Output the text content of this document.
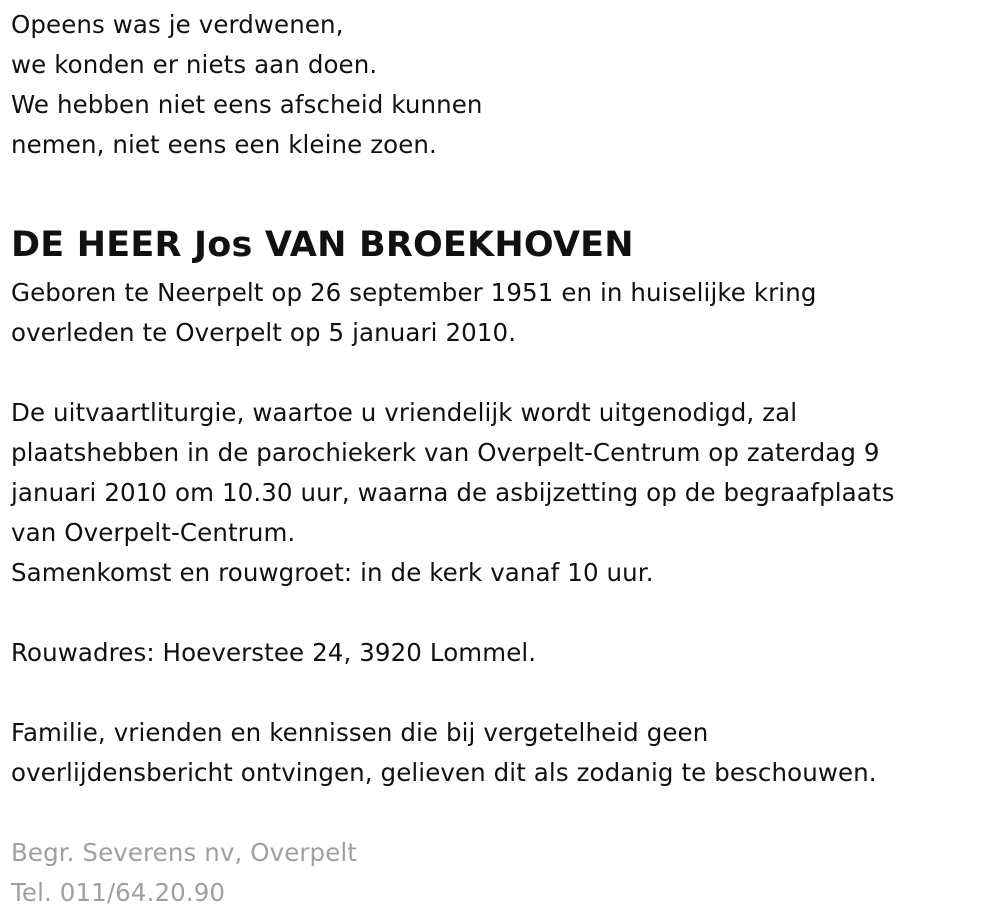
Opeens was je verdwenen,
we konden er niets aan doen.
We hebben niet eens afscheid kunnen
nemen, niet eens een kleine zoen.
DE HEER Jos VAN BROEKHOVEN
Geboren te Neerpelt op 26 september 1951 en in huiselijke kring
overleden te Overpelt op 5 januari 2010.
De uitvaartliturgie, waartoe u vriendelijk wordt uitgenodigd, zal
plaatshebben in de parochiekerk van Overpelt-Centrum op zaterdag 9
januari 2010 om 10.30 uur, waarna de asbijzetting op de begraafplaats
van Overpelt-Centrum.
Samenkomst en rouwgroet: in de kerk vanaf 10 uur.
Rouwadres: Hoeverstee 24, 3920 Lommel.
Familie, vrienden en kennissen die bij vergetelheid geen
overlijdensbericht ontvingen, gelieven dit als zodanig te beschouwen.
Begr. Severens nv, Overpelt
Tel. 011/64.20.90
